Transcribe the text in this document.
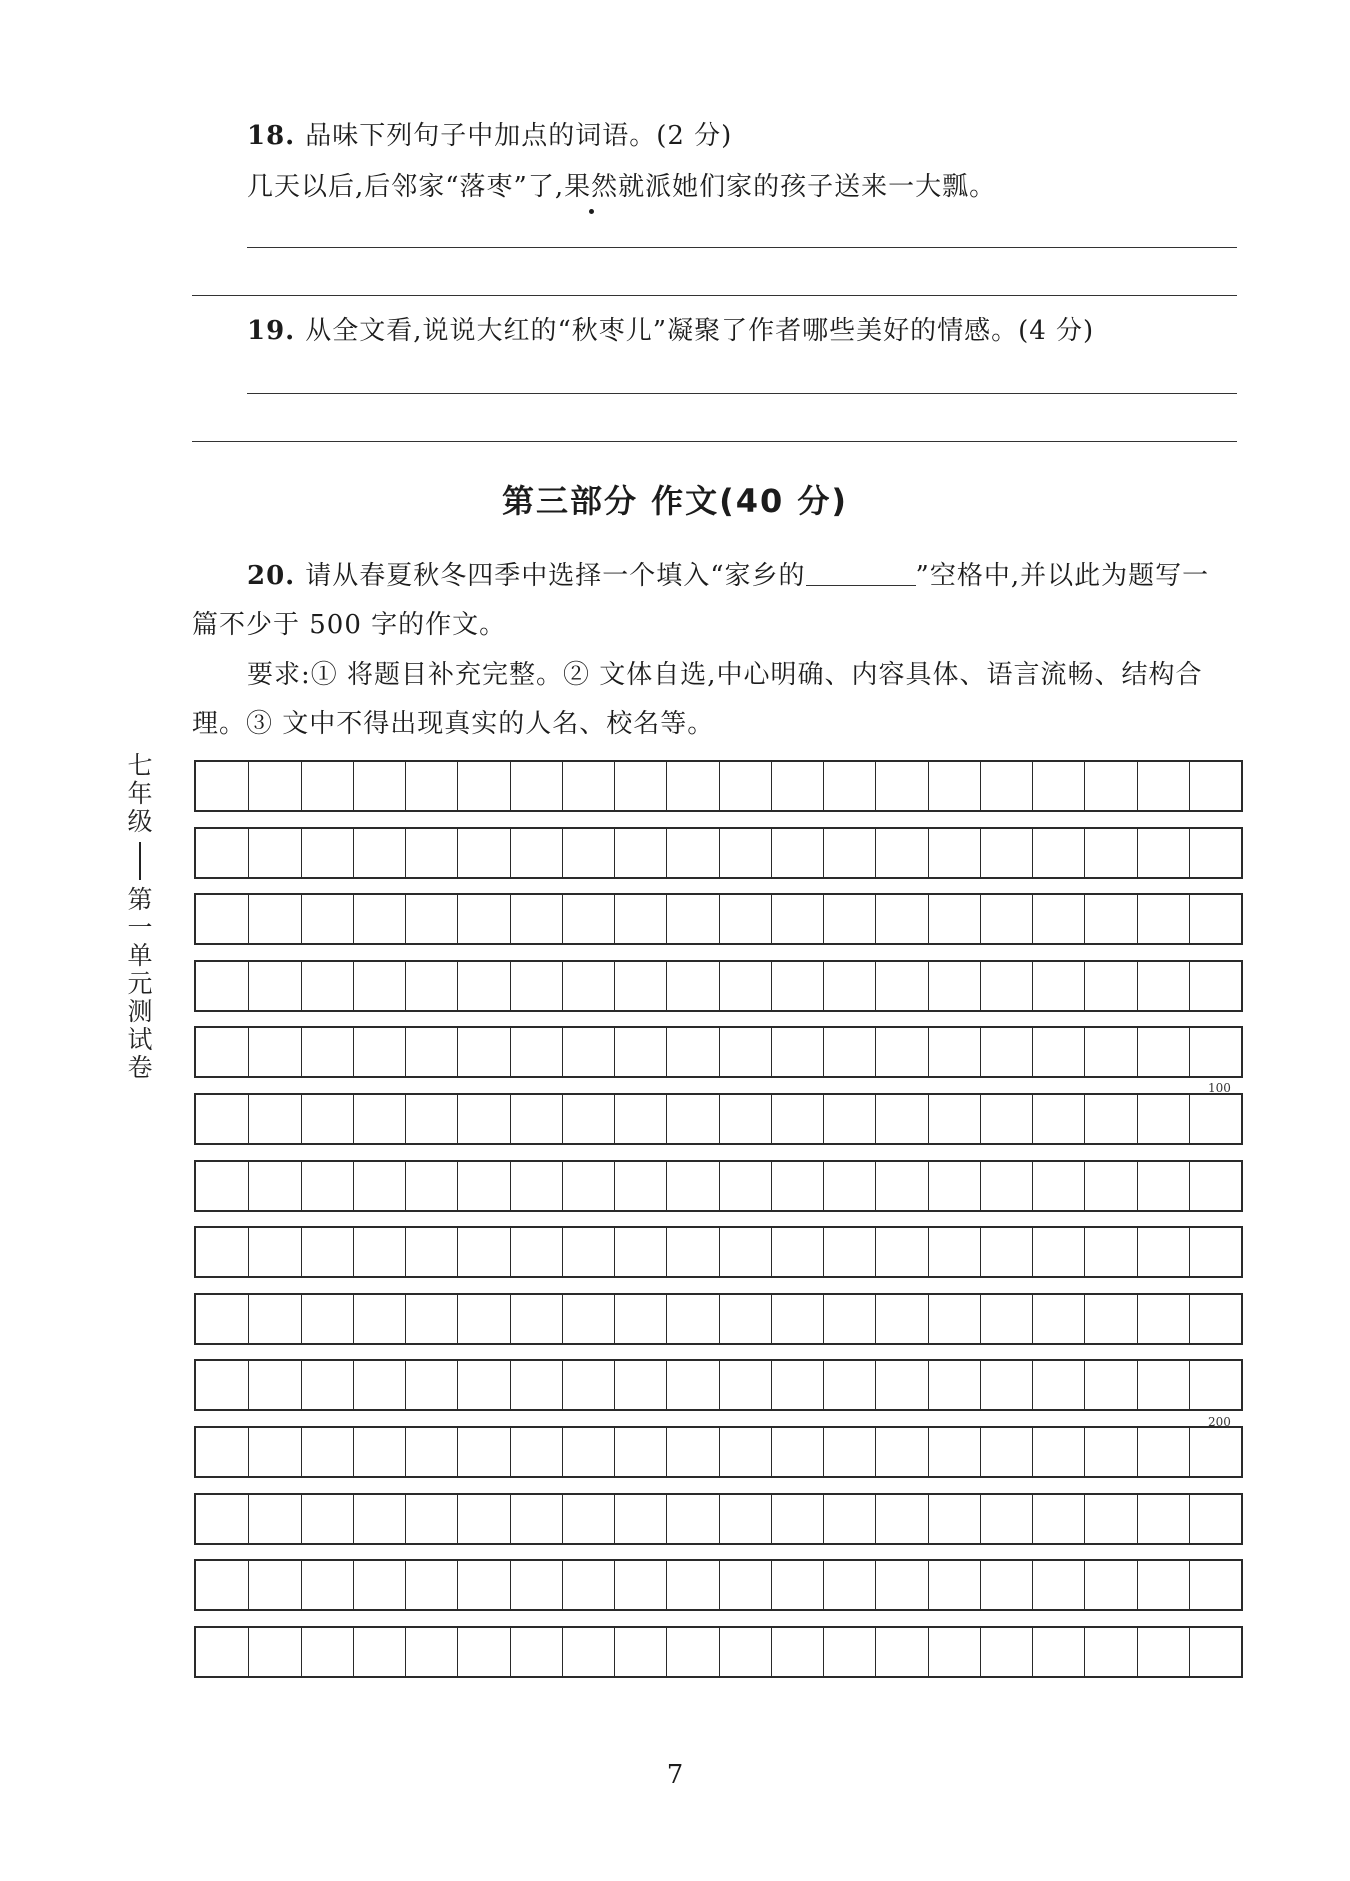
18. 品味下列句子中加点的词语。(2 分)
几天以后,后邻家“落枣”了,果然就派她们家的孩子送来一大瓢。
19. 从全文看,说说大红的“秋枣儿”凝聚了作者哪些美好的情感。(4 分)
第三部分 作文(40 分)
20. 请从春夏秋冬四季中选择一个填入“家乡的	”空格中,并以此为题写一
篇不少于 500 字的作文。
要求:① 将题目补充完整。② 文体自选,中心明确、内容具体、语言流畅、结构合
理。③ 文中不得出现真实的人名、校名等。
七
年
级
第
一
单
元
测
试
卷
100
200
7
